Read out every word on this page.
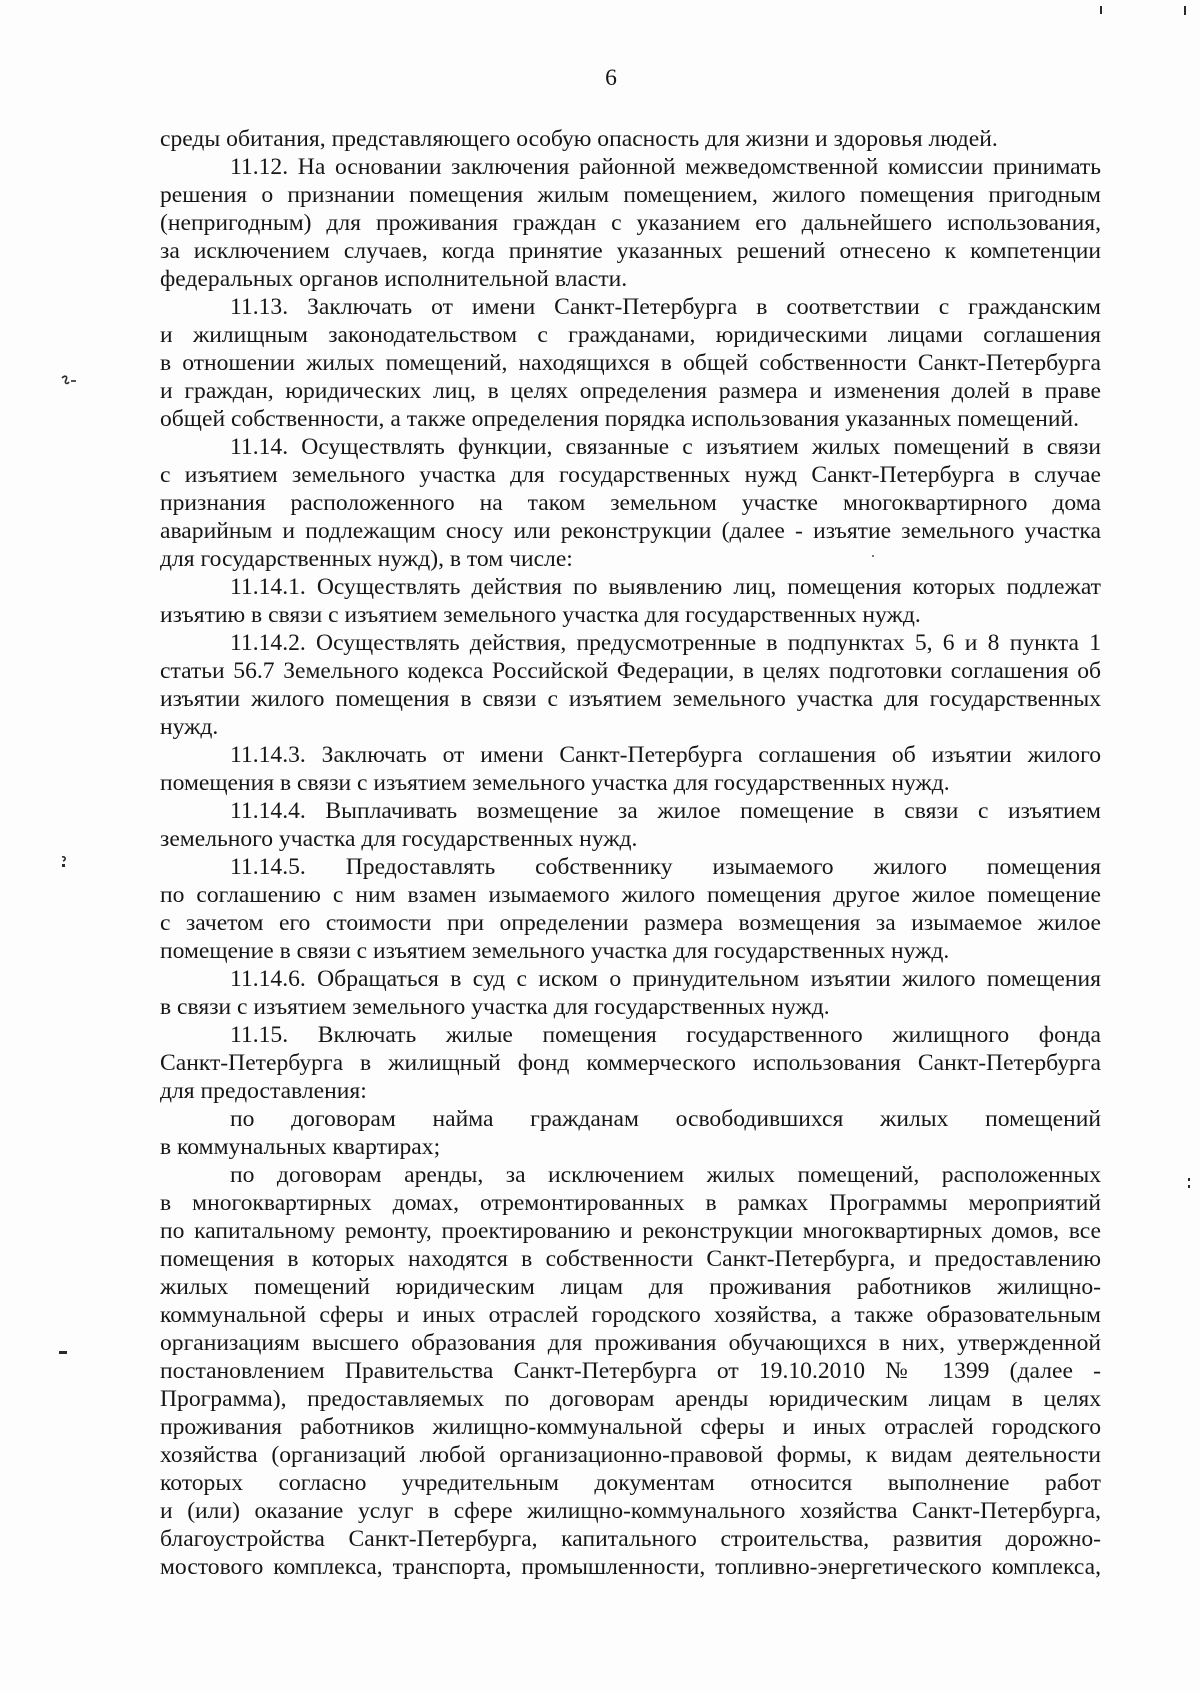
6
среды обитания, представляющего особую опасность для жизни и здоровья людей.
11.12. На основании заключения районной межведомственной комиссии принимать
решения о признании помещения жилым помещением, жилого помещения пригодным
(непригодным) для проживания граждан с указанием его дальнейшего использования,
за исключением случаев, когда принятие указанных решений отнесено к компетенции
федеральных органов исполнительной власти.
11.13. Заключать от имени Санкт-Петербурга в соответствии с гражданским
и жилищным законодательством с гражданами, юридическими лицами соглашения
в отношении жилых помещений, находящихся в общей собственности Санкт-Петербурга
и граждан, юридических лиц, в целях определения размера и изменения долей в праве
общей собственности, а также определения порядка использования указанных помещений.
11.14. Осуществлять функции, связанные с изъятием жилых помещений в связи
с изъятием земельного участка для государственных нужд Санкт-Петербурга в случае
признания расположенного на таком земельном участке многоквартирного дома
аварийным и подлежащим сносу или реконструкции (далее - изъятие земельного участка
для государственных нужд), в том числе:
11.14.1. Осуществлять действия по выявлению лиц, помещения которых подлежат
изъятию в связи с изъятием земельного участка для государственных нужд.
11.14.2. Осуществлять действия, предусмотренные в подпунктах 5, 6 и 8 пункта 1
статьи 56.7 Земельного кодекса Российской Федерации, в целях подготовки соглашения об
изъятии жилого помещения в связи с изъятием земельного участка для государственных
нужд.
11.14.3. Заключать от имени Санкт-Петербурга соглашения об изъятии жилого
помещения в связи с изъятием земельного участка для государственных нужд.
11.14.4. Выплачивать возмещение за жилое помещение в связи с изъятием
земельного участка для государственных нужд.
11.14.5. Предоставлять собственнику изымаемого жилого помещения
по соглашению с ним взамен изымаемого жилого помещения другое жилое помещение
с зачетом его стоимости при определении размера возмещения за изымаемое жилое
помещение в связи с изъятием земельного участка для государственных нужд.
11.14.6. Обращаться в суд с иском о принудительном изъятии жилого помещения
в связи с изъятием земельного участка для государственных нужд.
11.15. Включать жилые помещения государственного жилищного фонда
Санкт-Петербурга в жилищный фонд коммерческого использования Санкт-Петербурга
для предоставления:
по договорам найма гражданам освободившихся жилых помещений
в коммунальных квартирах;
по договорам аренды, за исключением жилых помещений, расположенных
в многоквартирных домах, отремонтированных в рамках Программы мероприятий
по капитальному ремонту, проектированию и реконструкции многоквартирных домов, все
помещения в которых находятся в собственности Санкт-Петербурга, и предоставлению
жилых помещений юридическим лицам для проживания работников жилищно-
коммунальной сферы и иных отраслей городского хозяйства, а также образовательным
организациям высшего образования для проживания обучающихся в них, утвержденной
постановлением Правительства Санкт-Петербурга от 19.10.2010 № 1399 (далее -
Программа), предоставляемых по договорам аренды юридическим лицам в целях
проживания работников жилищно-коммунальной сферы и иных отраслей городского
хозяйства (организаций любой организационно-правовой формы, к видам деятельности
которых согласно учредительным документам относится выполнение работ
и (или) оказание услуг в сфере жилищно-коммунального хозяйства Санкт-Петербурга,
благоустройства Санкт-Петербурга, капитального строительства, развития дорожно-
мостового комплекса, транспорта, промышленности, топливно-энергетического комплекса,
